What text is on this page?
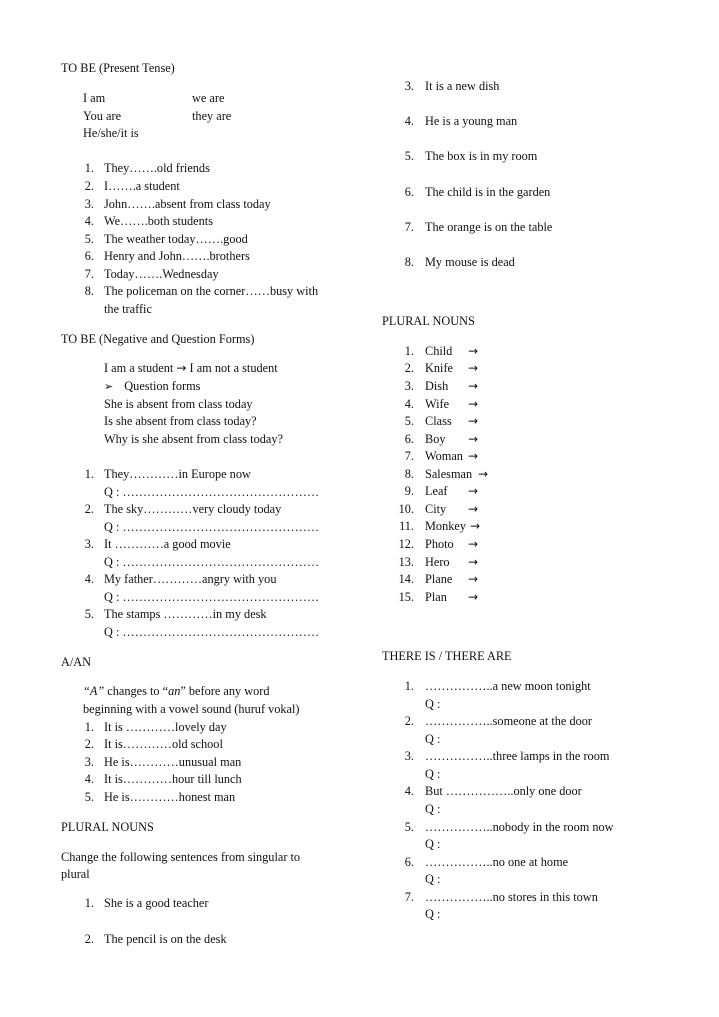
TO BE (Present Tense)
I am	we are
You are	they are
He/she/it is
1. They…….old friends
2. I…….a student
3. John…….absent from class today
4. We…….both students
5. The weather today…….good
6. Henry and John…….brothers
7. Today…….Wednesday
8. The policeman on the corner……busy with
the traffic
TO BE (Negative and Question Forms)
I am a student → I am not a student
➢ Question forms
She is absent from class today
Is she absent from class today?
Why is she absent from class today?
1. They…………in Europe now
Q : …………………………………………
2. The sky…………very cloudy today
Q : …………………………………………
3. It …………a good movie
Q : …………………………………………
4. My father…………angry with you
Q : …………………………………………
5. The stamps …………in my desk
Q : …………………………………………
A/AN
“A” changes to “an” before any word
beginning with a vowel sound (huruf vokal)
1. It is …………lovely day
2. It is…………old school
3. He is…………unusual man
4. It is…………hour till lunch
5. He is…………honest man
PLURAL NOUNS
Change the following sentences from singular to
plural
1. She is a good teacher
2. The pencil is on the desk
3. It is a new dish
4. He is a young man
5. The box is in my room
6. The child is in the garden
7. The orange is on the table
8. My mouse is dead
PLURAL NOUNS
1. Child →
2. Knife →
3. Dish →
4. Wife →
5. Class →
6. Boy →
7. Woman →
8. Salesman →
9. Leaf →
10. City →
11. Monkey →
12. Photo →
13. Hero →
14. Plane →
15. Plan →
THERE IS / THERE ARE
1. ……………..a new moon tonight
Q :
2. ……………..someone at the door
Q :
3. ……………..three lamps in the room
Q :
4. But ……………..only one door
Q :
5. ……………..nobody in the room now
Q :
6. ……………..no one at home
Q :
7. ……………..no stores in this town
Q :
